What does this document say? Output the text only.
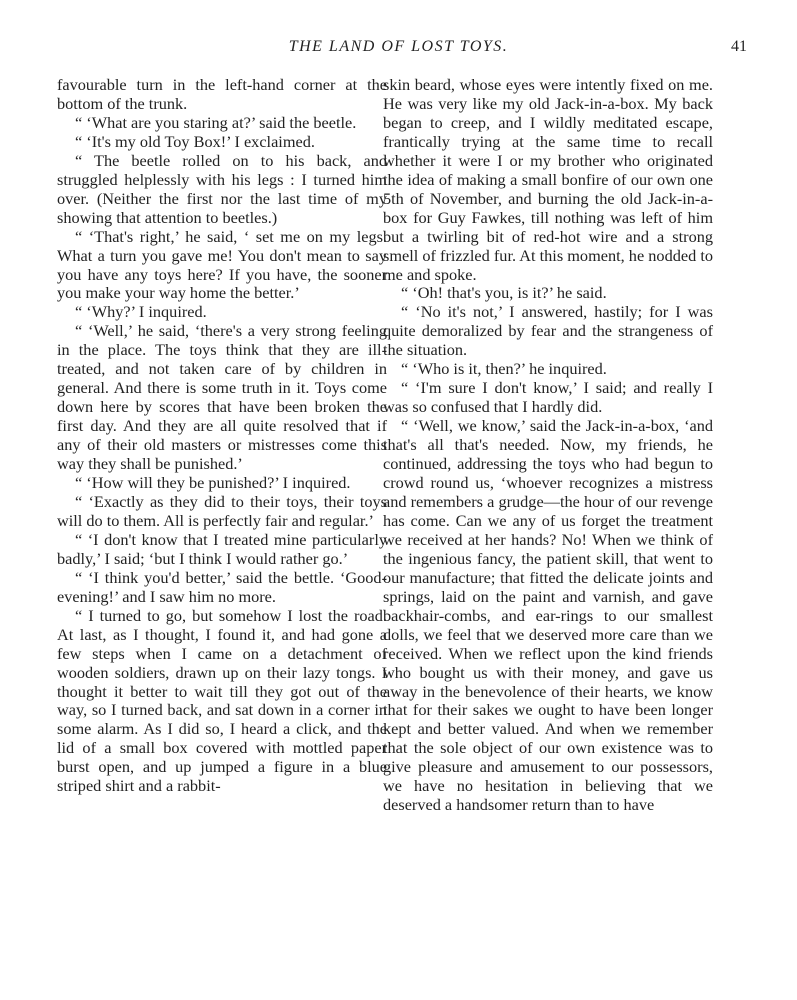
THE LAND OF LOST TOYS.	41

favourable turn in the left-hand corner at the bottom of the trunk.

“ ‘What are you staring at?’ said the beetle.

“ ‘It's my old Toy Box!’ I exclaimed.

“ The beetle rolled on to his back, and struggled helplessly with his legs : I turned him over. (Neither the first nor the last time of my showing that attention to beetles.)

“ ‘That's right,’ he said, ‘ set me on my legs. What a turn you gave me! You don't mean to say you have any toys here? If you have, the sooner you make your way home the better.’

“ ‘Why?’ I inquired.

“ ‘Well,’ he said, ‘there's a very strong feeling in the place. The toys think that they are ill-treated, and not taken care of by children in general. And there is some truth in it. Toys come down here by scores that have been broken the first day. And they are all quite resolved that if any of their old masters or mistresses come this way they shall be punished.’

“ ‘How will they be punished?’ I inquired.

“ ‘Exactly as they did to their toys, their toys will do to them. All is perfectly fair and regular.’

“ ‘I don't know that I treated mine particularly badly,’ I said; ‘but I think I would rather go.’

“ ‘I think you'd better,’ said the bettle. ‘Good-evening!’ and I saw him no more.

“ I turned to go, but somehow I lost the road. At last, as I thought, I found it, and had gone a few steps when I came on a detachment of wooden soldiers, drawn up on their lazy tongs. I thought it better to wait till they got out of the way, so I turned back, and sat down in a corner in some alarm. As I did so, I heard a click, and the lid of a small box covered with mottled paper burst open, and up jumped a figure in a blue striped shirt and a rabbit-

skin beard, whose eyes were intently fixed on me. He was very like my old Jack-in-a-box. My back began to creep, and I wildly meditated escape, frantically trying at the same time to recall whether it were I or my brother who originated the idea of making a small bonfire of our own one 5th of November, and burning the old Jack-in-a-box for Guy Fawkes, till nothing was left of him but a twirling bit of red-hot wire and a strong smell of frizzled fur. At this moment, he nodded to me and spoke.

“ ‘Oh! that's you, is it?’ he said.

“ ‘No it's not,’ I answered, hastily; for I was quite demoralized by fear and the strangeness of the situation.

“ ‘Who is it, then?’ he inquired.

“ ‘I'm sure I don't know,’ I said; and really I was so confused that I hardly did.

“ ‘Well, we know,’ said the Jack-in-a-box, ‘and that's all that's needed. Now, my friends, he continued, addressing the toys who had begun to crowd round us, ‘whoever recognizes a mistress and remembers a grudge—the hour of our revenge has come. Can we any of us forget the treatment we received at her hands? No! When we think of the ingenious fancy, the patient skill, that went to our manufacture; that fitted the delicate joints and springs, laid on the paint and varnish, and gave backhair-combs, and ear-rings to our smallest dolls, we feel that we deserved more care than we received. When we reflect upon the kind friends who bought us with their money, and gave us away in the benevolence of their hearts, we know that for their sakes we ought to have been longer kept and better valued. And when we remember that the sole object of our own existence was to give pleasure and amusement to our possessors, we have no hesitation in believing that we deserved a handsomer return than to have
